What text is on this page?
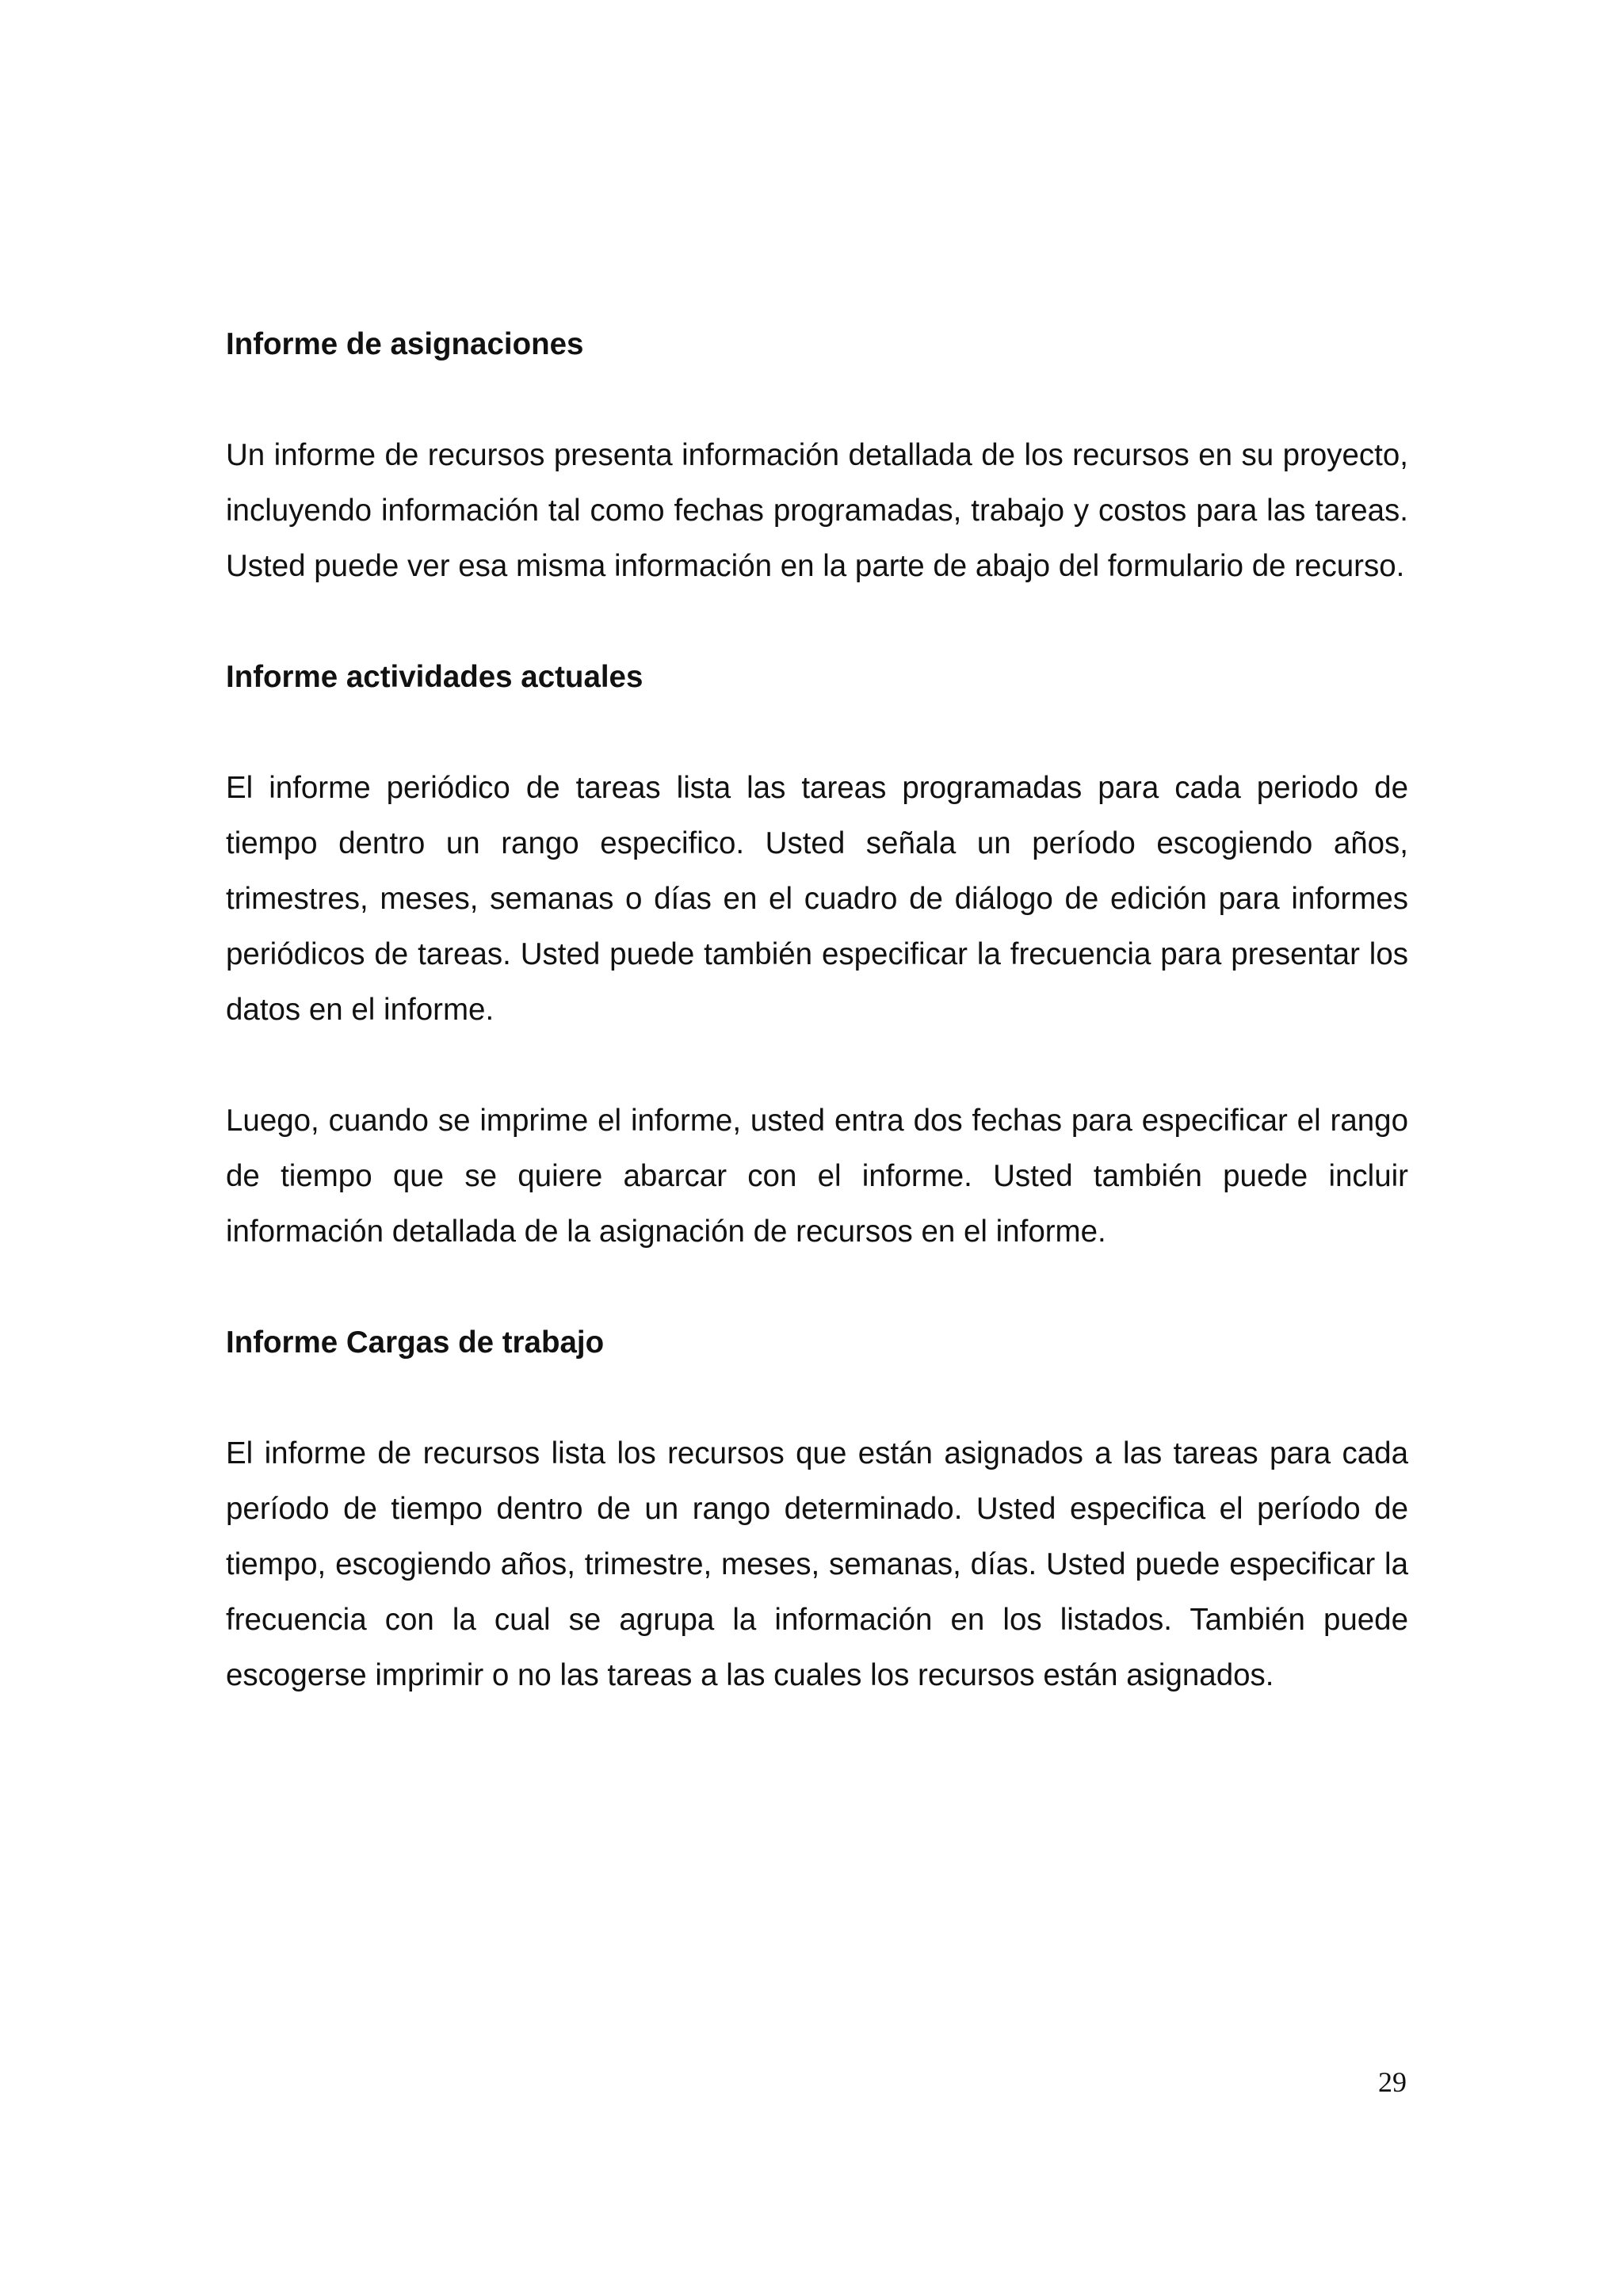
Informe de asignaciones

Un informe de recursos presenta información detallada de los recursos en su proyecto, incluyendo información tal como fechas programadas, trabajo y costos para las tareas. Usted puede ver esa misma información en la parte de abajo del formulario de recurso.

Informe actividades actuales

El informe periódico de tareas lista las tareas programadas para cada periodo de tiempo dentro un rango especifico. Usted señala un período escogiendo años, trimestres, meses, semanas o días en el cuadro de diálogo de edición para informes periódicos de tareas. Usted puede también especificar la frecuencia para presentar los datos en el informe.

Luego, cuando se imprime el informe, usted entra dos fechas para especificar el rango de tiempo que se quiere abarcar con el informe. Usted también puede incluir información detallada de la asignación de recursos en el informe.

Informe Cargas de trabajo

El informe de recursos lista los recursos que están asignados a las tareas para cada período de tiempo dentro de un rango determinado. Usted especifica el período de tiempo, escogiendo años, trimestre, meses, semanas, días. Usted puede especificar la frecuencia con la cual se agrupa la información en los listados. También puede escogerse imprimir o no las tareas a las cuales los recursos están asignados.

29
